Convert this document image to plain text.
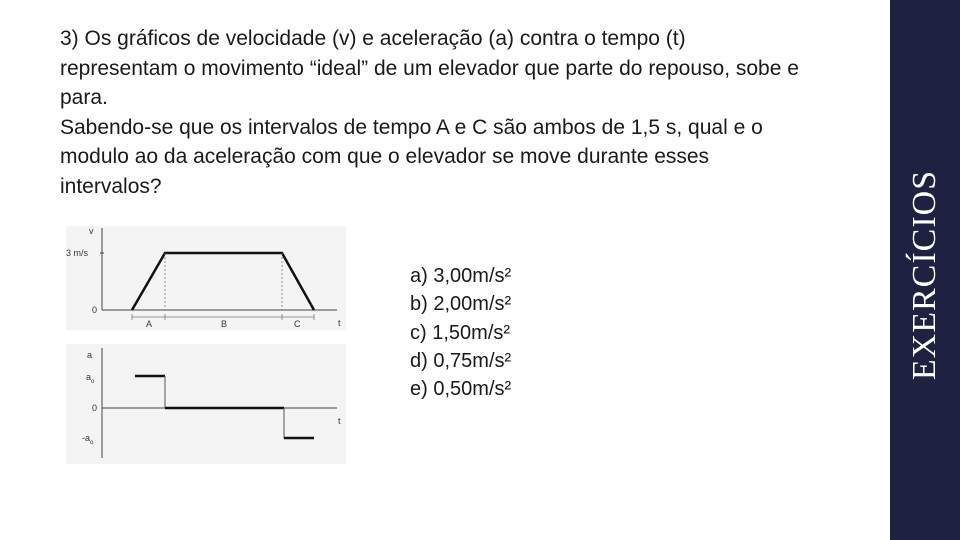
3) Os gráficos de velocidade (v) e aceleração (a) contra o tempo (t) representam o movimento “ideal” de um elevador que parte do repouso, sobe e para.

Sabendo-se que os intervalos de tempo A e C são ambos de 1,5 s, qual e o modulo ao da aceleração com que o elevador se move durante esses intervalos?

v
3 m/s
0
t
A	B	C
a
$a_o$
0
$-a_o$
t
a) 3,00m/s²
b) 2,00m/s²
c) 1,50m/s²
d) 0,75m/s²
e) 0,50m/s²
EXERCÍCIOS
